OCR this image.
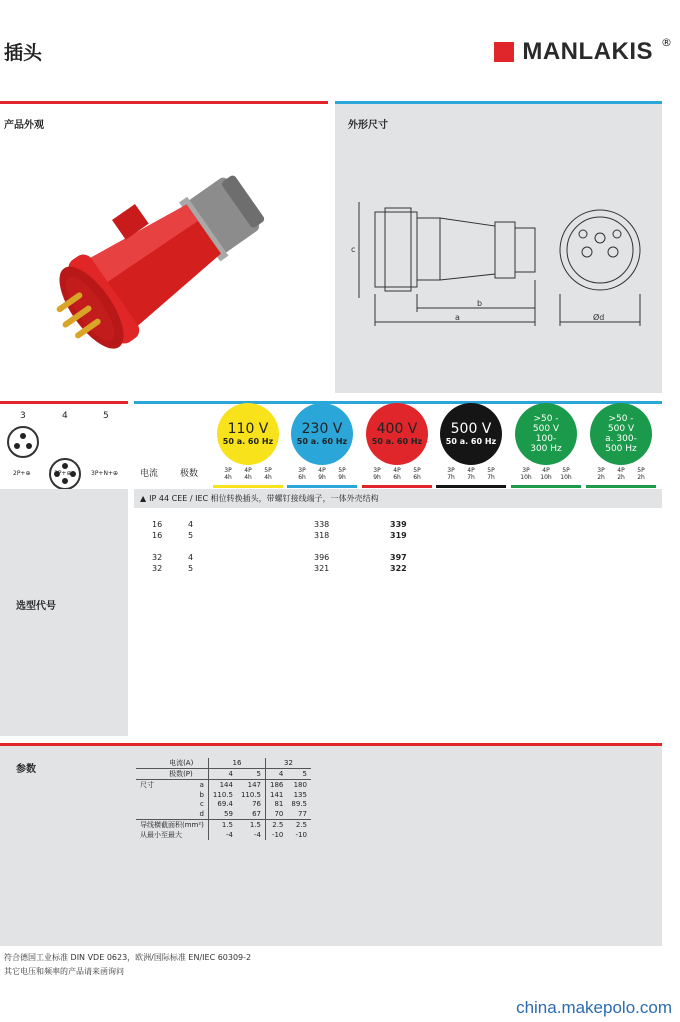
插头	MANLAKIS ®
产品外观	外形尺寸
c
b
a	Ød
3	4	5
2P+⊕	3P+⊕	3P+N+⊕ 电流 极数
110 V
50 a. 60 Hz
3P
4h
4P
4h
5P
4h
230 V
50 a. 60 Hz
3P
6h
4P
9h
5P
9h
400 V
50 a. 60 Hz
3P
9h
4P
6h
5P
6h
500 V
50 a. 60 Hz
3P
7h
4P
7h
5P
7h
>50 -
500 V
100-
300 Hz
3P
10h
4P
10h
5P
10h
>50 -
500 V
a. 300-
500 Hz
3P
2h
4P
2h
5P
2h
选型代号
▲ IP 44 CEE / IEC 相位转换插头，带螺钉接线端子，一体外壳结构
16	4	338	339
16	5	318	319
32	4	396	397
32	5	321	322
参数
	电流(A)	16		32	
	极数(P)	4	5	4	5
尺寸	a	144	147	186	180
	b	110.5	110.5	141	135
	c	69.4	76	81	89.5
	d	59	67	70	77
导线横截面积(mm²)		1.5	1.5	2.5	2.5
从最小至最大		-4	-4	-10	-10
符合德国工业标准 DIN VDE 0623，欧洲/国际标准 EN/IEC 60309-2
其它电压和频率的产品请来函询问
china.makepolo.com
